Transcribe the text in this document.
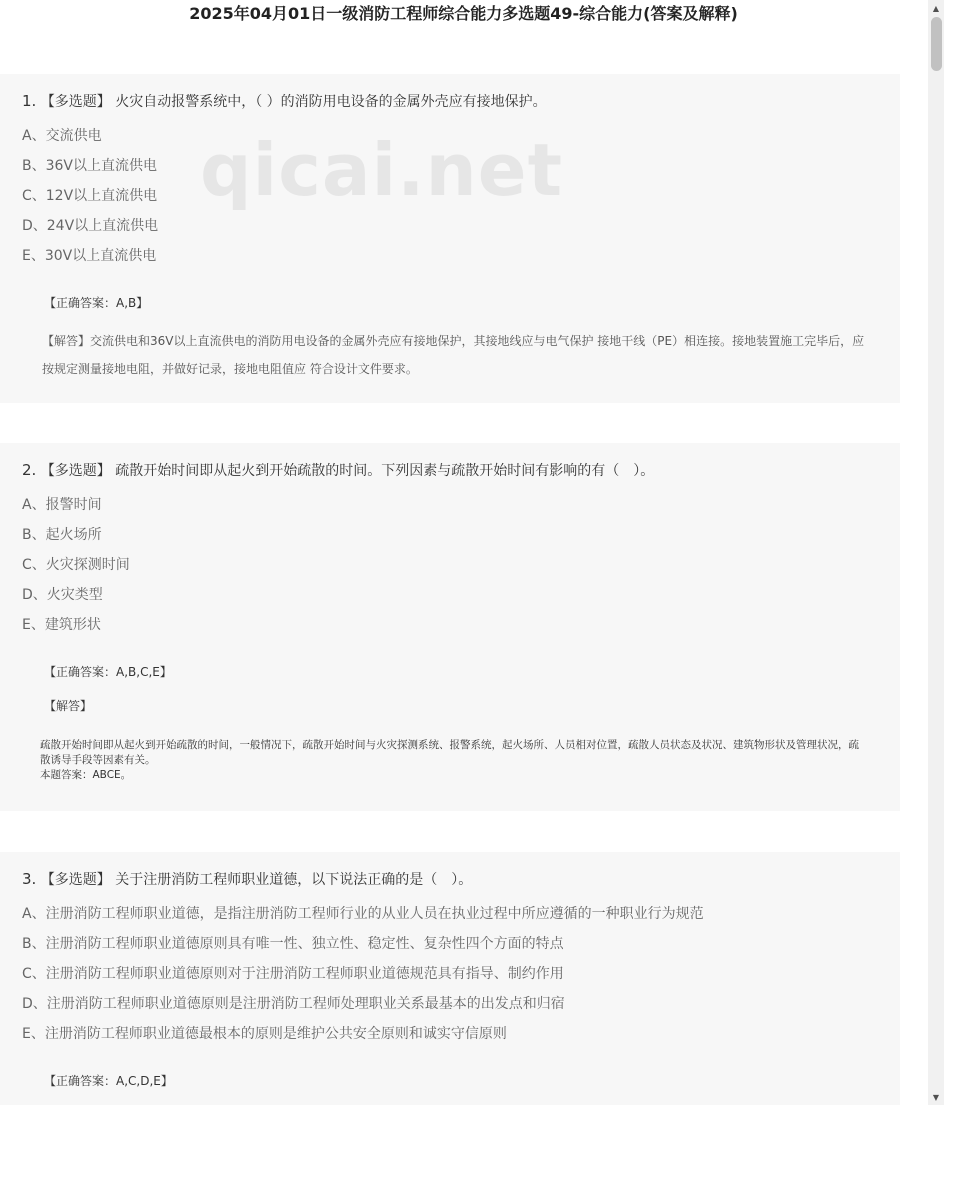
2025年04月01日一级消防工程师综合能力多选题49-综合能力(答案及解释)
1. 【多选题】 火灾自动报警系统中，（ ）的消防用电设备的金属外壳应有接地保护。
A、交流供电
B、36V以上直流供电
C、12V以上直流供电
D、24V以上直流供电
E、30V以上直流供电
【正确答案：A,B】
【解答】交流供电和36V以上直流供电的消防用电设备的金属外壳应有接地保护，其接地线应与电气保护 接地干线（PE）相连接。接地装置施工完毕后，应按规定测量接地电阻，并做好记录，接地电阻值应 符合设计文件要求。
qicai.net
2. 【多选题】 疏散开始时间即从起火到开始疏散的时间。下列因素与疏散开始时间有影响的有（　）。
A、报警时间
B、起火场所
C、火灾探测时间
D、火灾类型
E、建筑形状
【正确答案：A,B,C,E】
【解答】
疏散开始时间即从起火到开始疏散的时间，一般情况下，疏散开始时间与火灾探测系统、报警系统，起火场所、人员相对位置，疏散人员状态及状况、建筑物形状及管理状况，疏散诱导手段等因素有关。
本题答案：ABCE。
3. 【多选题】 关于注册消防工程师职业道德，以下说法正确的是（　）。
A、注册消防工程师职业道德，是指注册消防工程师行业的从业人员在执业过程中所应遵循的一种职业行为规范
B、注册消防工程师职业道德原则具有唯一性、独立性、稳定性、复杂性四个方面的特点
C、注册消防工程师职业道德原则对于注册消防工程师职业道德规范具有指导、制约作用
D、注册消防工程师职业道德原则是注册消防工程师处理职业关系最基本的出发点和归宿
E、注册消防工程师职业道德最根本的原则是维护公共安全原则和诚实守信原则
【正确答案：A,C,D,E】
▲
▼
